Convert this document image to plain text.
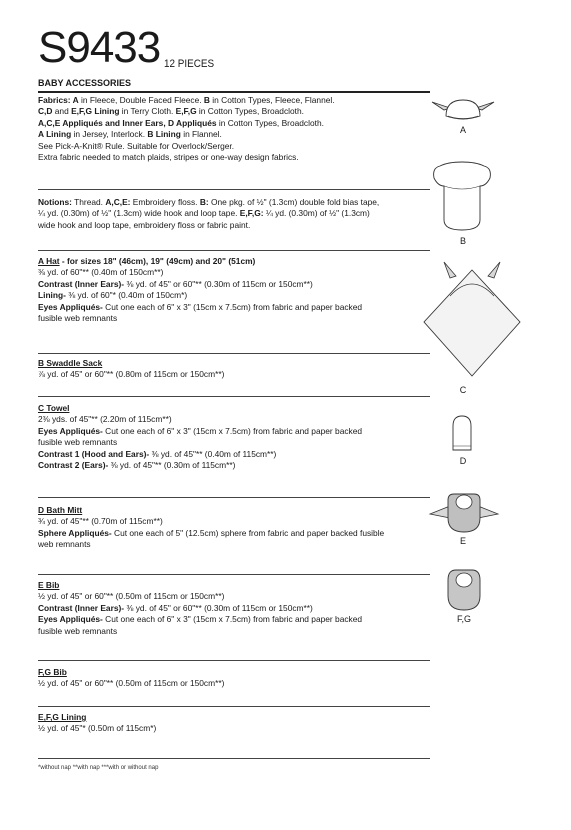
S9433 12 PIECES

BABY ACCESSORIES

Fabrics: A in Fleece, Double Faced Fleece. B in Cotton Types, Fleece, Flannel.

C,D and E,F,G Lining in Terry Cloth. E,F,G in Cotton Types, Broadcloth.

A,C,E Appliqués and Inner Ears, D Appliqués in Cotton Types, Broadcloth.

A Lining in Jersey, Interlock. B Lining in Flannel.

See Pick-A-Knit® Rule. Suitable for Overlock/Serger.

Extra fabric needed to match plaids, stripes or one-way design fabrics.

Notions: Thread. A,C,E: Embroidery floss. B: One pkg. of ½" (1.3cm) double fold bias tape,

¼ yd. (0.30m) of ½" (1.3cm) wide hook and loop tape. E,F,G: ¼ yd. (0.30m) of ½" (1.3cm)

wide hook and loop tape, embroidery floss or fabric paint.

A Hat - for sizes 18" (46cm), 19" (49cm) and 20" (51cm)

⅜ yd. of 60"** (0.40m of 150cm**)

Contrast (Inner Ears)- ⅜ yd. of 45" or 60"** (0.30m of 115cm or 150cm**)

Lining- ⅜ yd. of 60"* (0.40m of 150cm*)

Eyes Appliqués- Cut one each of 6" x 3" (15cm x 7.5cm) from fabric and paper backed

fusible web remnants

B Swaddle Sack

⅞ yd. of 45" or 60"** (0.80m of 115cm or 150cm**)

C Towel

2⅜ yds. of 45"** (2.20m of 115cm**)

Eyes Appliqués- Cut one each of 6" x 3" (15cm x 7.5cm) from fabric and paper backed

fusible web remnants

Contrast 1 (Hood and Ears)- ⅜ yd. of 45"** (0.40m of 115cm**)

Contrast 2 (Ears)- ⅜ yd. of 45"** (0.30m of 115cm**)

D Bath Mitt

¾ yd. of 45"** (0.70m of 115cm**)

Sphere Appliqués- Cut one each of 5" (12.5cm) sphere from fabric and paper backed fusible

web remnants

E Bib

½ yd. of 45" or 60"** (0.50m of 115cm or 150cm**)

Contrast (Inner Ears)- ⅜ yd. of 45" or 60"** (0.30m of 115cm or 150cm**)

Eyes Appliqués- Cut one each of 6" x 3" (15cm x 7.5cm) from fabric and paper backed

fusible web remnants

F,G Bib

½ yd. of 45" or 60"** (0.50m of 115cm or 150cm**)

E,F,G Lining

½ yd. of 45"* (0.50m of 115cm*)

*without nap **with nap ***with or without nap
A
B
C
D
E
F,G
